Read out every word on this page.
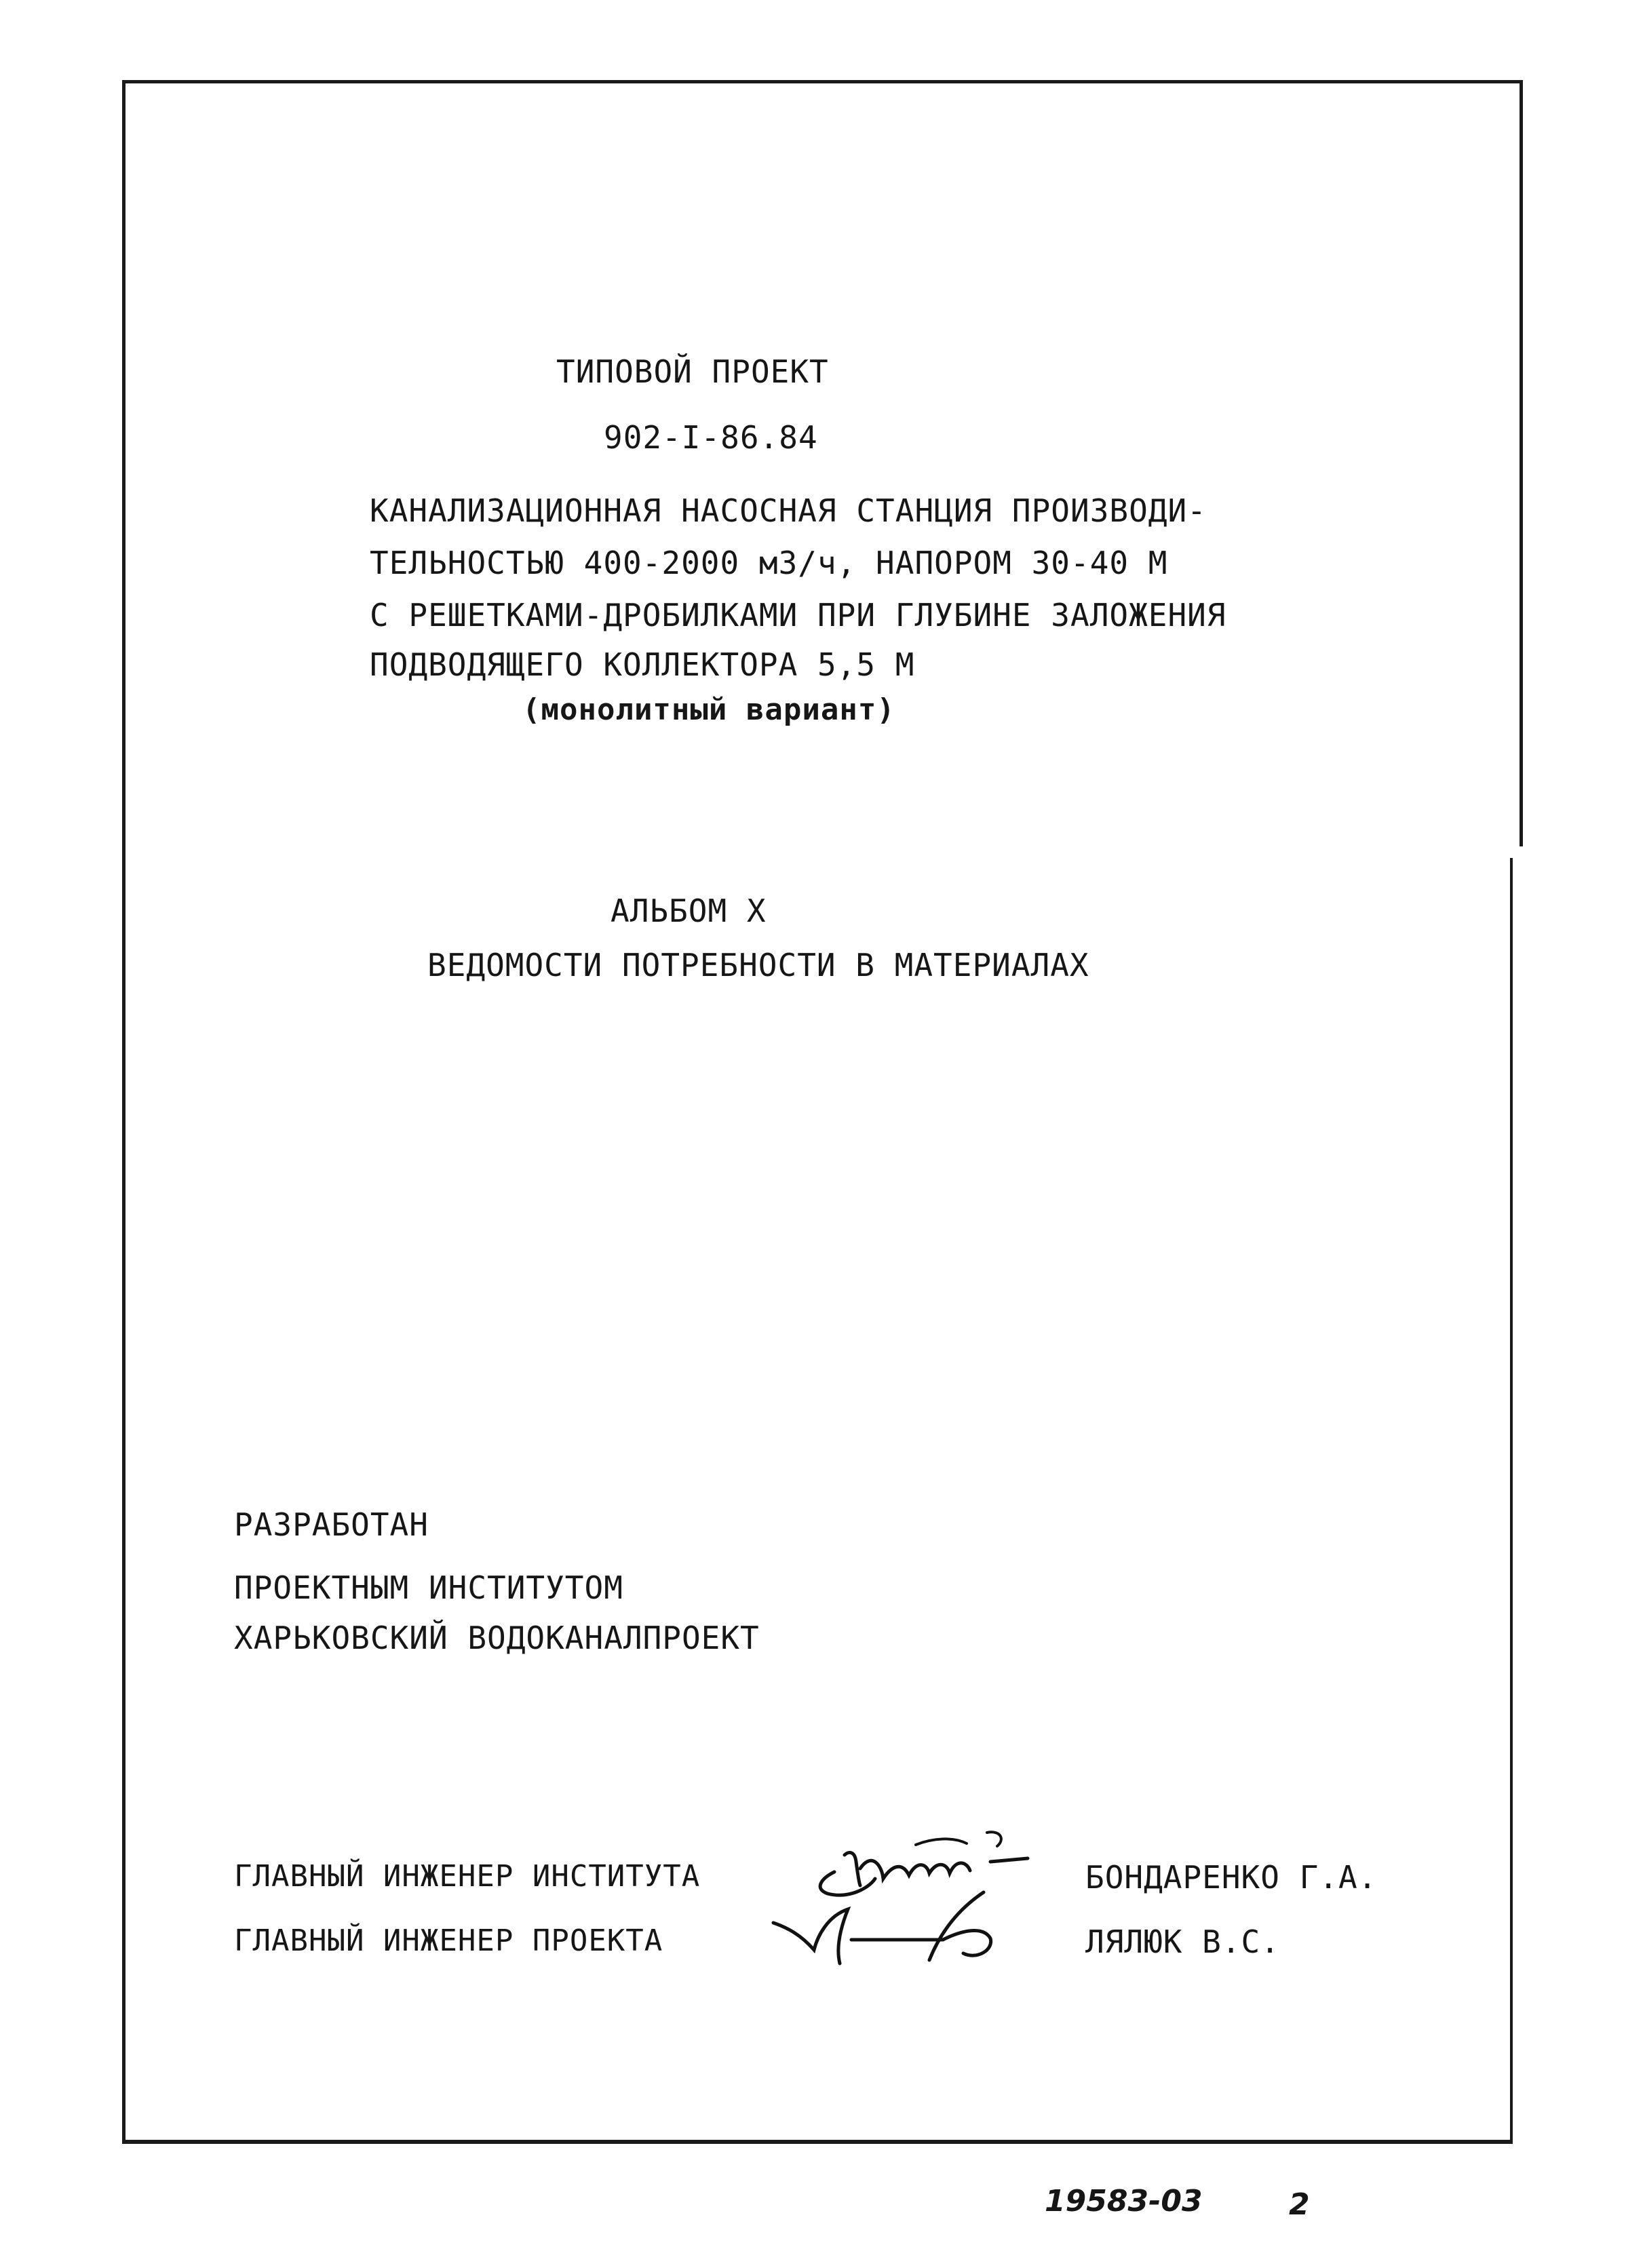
ТИПОВОЙ ПРОЕКТ
902-I-86.84
КАНАЛИЗАЦИОННАЯ НАСОСНАЯ СТАНЦИЯ ПРОИЗВОДИ-
ТЕЛЬНОСТЬЮ 400-2000 м3/ч, НАПОРОМ 30-40 М
С РЕШЕТКАМИ-ДРОБИЛКАМИ ПРИ ГЛУБИНЕ ЗАЛОЖЕНИЯ
ПОДВОДЯЩЕГО КОЛЛЕКТОРА 5,5 М
(монолитный вариант)
АЛЬБОМ X
ВЕДОМОСТИ ПОТРЕБНОСТИ В МАТЕРИАЛАХ
РАЗРАБОТАН
ПРОЕКТНЫМ ИНСТИТУТОМ
ХАРЬКОВСКИЙ ВОДОКАНАЛПРОЕКТ
ГЛАВНЫЙ ИНЖЕНЕР ИНСТИТУТА	БОНДАРЕНКО Г.А.
ГЛАВНЫЙ ИНЖЕНЕР ПРОЕКТА	ЛЯЛЮК В.С.
19583-03	2
